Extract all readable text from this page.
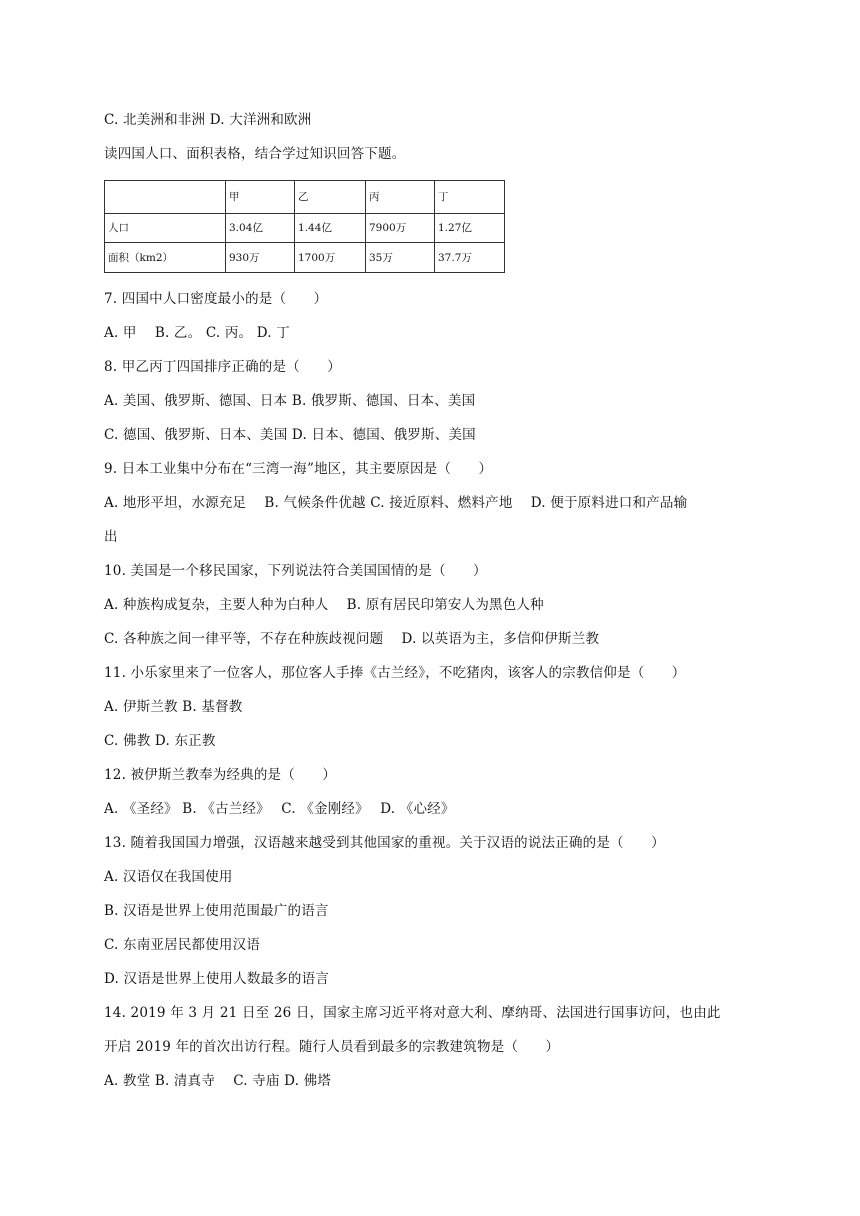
C. 北美洲和非洲 D. 大洋洲和欧洲
读四国人口、面积表格，结合学过知识回答下题。
	甲	乙	丙	丁
人口	3.04亿	1.44亿	7900万	1.27亿
面积（km2）	930万	1700万	35万	37.7万
7. 四国中人口密度最小的是（　　）
A. 甲　 B. 乙。 C. 丙。 D. 丁
8. 甲乙丙丁四国排序正确的是（　　）
A. 美国、俄罗斯、德国、日本 B. 俄罗斯、德国、日本、美国
C. 德国、俄罗斯、日本、美国 D. 日本、德国、俄罗斯、美国
9. 日本工业集中分布在“三湾一海”地区，其主要原因是（　　）
A. 地形平坦，水源充足　 B. 气候条件优越 C. 接近原料、燃料产地　 D. 便于原料进口和产品输
出
10. 美国是一个移民国家，下列说法符合美国国情的是（　　）
A. 种族构成复杂，主要人种为白种人　 B. 原有居民印第安人为黑色人种
C. 各种族之间一律平等，不存在种族歧视问题　 D. 以英语为主，多信仰伊斯兰教
11. 小乐家里来了一位客人，那位客人手捧《古兰经》，不吃猪肉，该客人的宗教信仰是（　　）
A. 伊斯兰教 B. 基督教
C. 佛教 D. 东正教
12. 被伊斯兰教奉为经典的是（　　）
A. 《圣经》 B. 《古兰经》　 C. 《金刚经》　 D. 《心经》
13. 随着我国国力增强，汉语越来越受到其他国家的重视。关于汉语的说法正确的是（　　）
A. 汉语仅在我国使用
B. 汉语是世界上使用范围最广的语言
C. 东南亚居民都使用汉语
D. 汉语是世界上使用人数最多的语言
14. 2019 年 3 月 21 日至 26 日，国家主席习近平将对意大利、摩纳哥、法国进行国事访问，也由此
开启 2019 年的首次出访行程。随行人员看到最多的宗教建筑物是（　　）
A. 教堂 B. 清真寺　 C. 寺庙 D. 佛塔
